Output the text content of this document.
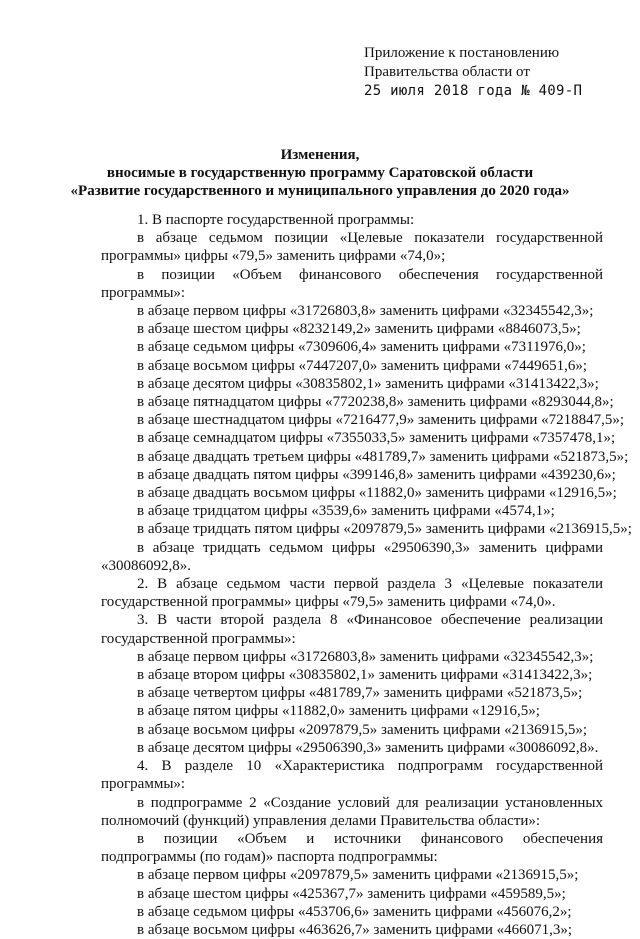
Приложение к постановлению
Правительства области от
25 июля 2018 года № 409-П
Изменения,
вносимые в государственную программу Саратовской области
«Развитие государственного и муниципального управления до 2020 года»

1. В паспорте государственной программы:

в абзаце седьмом позиции «Целевые показатели государственной программы» цифры «79,5» заменить цифрами «74,0»;

в позиции «Объем финансового обеспечения государственной программы»:

в абзаце первом цифры «31726803,8» заменить цифрами «32345542,3»;

в абзаце шестом цифры «8232149,2» заменить цифрами «8846073,5»;

в абзаце седьмом цифры «7309606,4» заменить цифрами «7311976,0»;

в абзаце восьмом цифры «7447207,0» заменить цифрами «7449651,6»;

в абзаце десятом цифры «30835802,1» заменить цифрами «31413422,3»;

в абзаце пятнадцатом цифры «7720238,8» заменить цифрами «8293044,8»;

в абзаце шестнадцатом цифры «7216477,9» заменить цифрами «7218847,5»;

в абзаце семнадцатом цифры «7355033,5» заменить цифрами «7357478,1»;

в абзаце двадцать третьем цифры «481789,7» заменить цифрами «521873,5»;

в абзаце двадцать пятом цифры «399146,8» заменить цифрами «439230,6»;

в абзаце двадцать восьмом цифры «11882,0» заменить цифрами «12916,5»;

в абзаце тридцатом цифры «3539,6» заменить цифрами «4574,1»;

в абзаце тридцать пятом цифры «2097879,5» заменить цифрами «2136915,5»;

в абзаце тридцать седьмом цифры «29506390,3» заменить цифрами «30086092,8».

2. В абзаце седьмом части первой раздела 3 «Целевые показатели государственной программы» цифры «79,5» заменить цифрами «74,0».

3. В части второй раздела 8 «Финансовое обеспечение реализации государственной программы»:

в абзаце первом цифры «31726803,8» заменить цифрами «32345542,3»;

в абзаце втором цифры «30835802,1» заменить цифрами «31413422,3»;

в абзаце четвертом цифры «481789,7» заменить цифрами «521873,5»;

в абзаце пятом цифры «11882,0» заменить цифрами «12916,5»;

в абзаце восьмом цифры «2097879,5» заменить цифрами «2136915,5»;

в абзаце десятом цифры «29506390,3» заменить цифрами «30086092,8».

4. В разделе 10 «Характеристика подпрограмм государственной программы»:

в подпрограмме 2 «Создание условий для реализации установленных полномочий (функций) управления делами Правительства области»:

в позиции «Объем и источники финансового обеспечения подпрограммы (по годам)» паспорта подпрограммы:

в абзаце первом цифры «2097879,5» заменить цифрами «2136915,5»;

в абзаце шестом цифры «425367,7» заменить цифрами «459589,5»;

в абзаце седьмом цифры «453706,6» заменить цифрами «456076,2»;

в абзаце восьмом цифры «463626,7» заменить цифрами «466071,3»;
